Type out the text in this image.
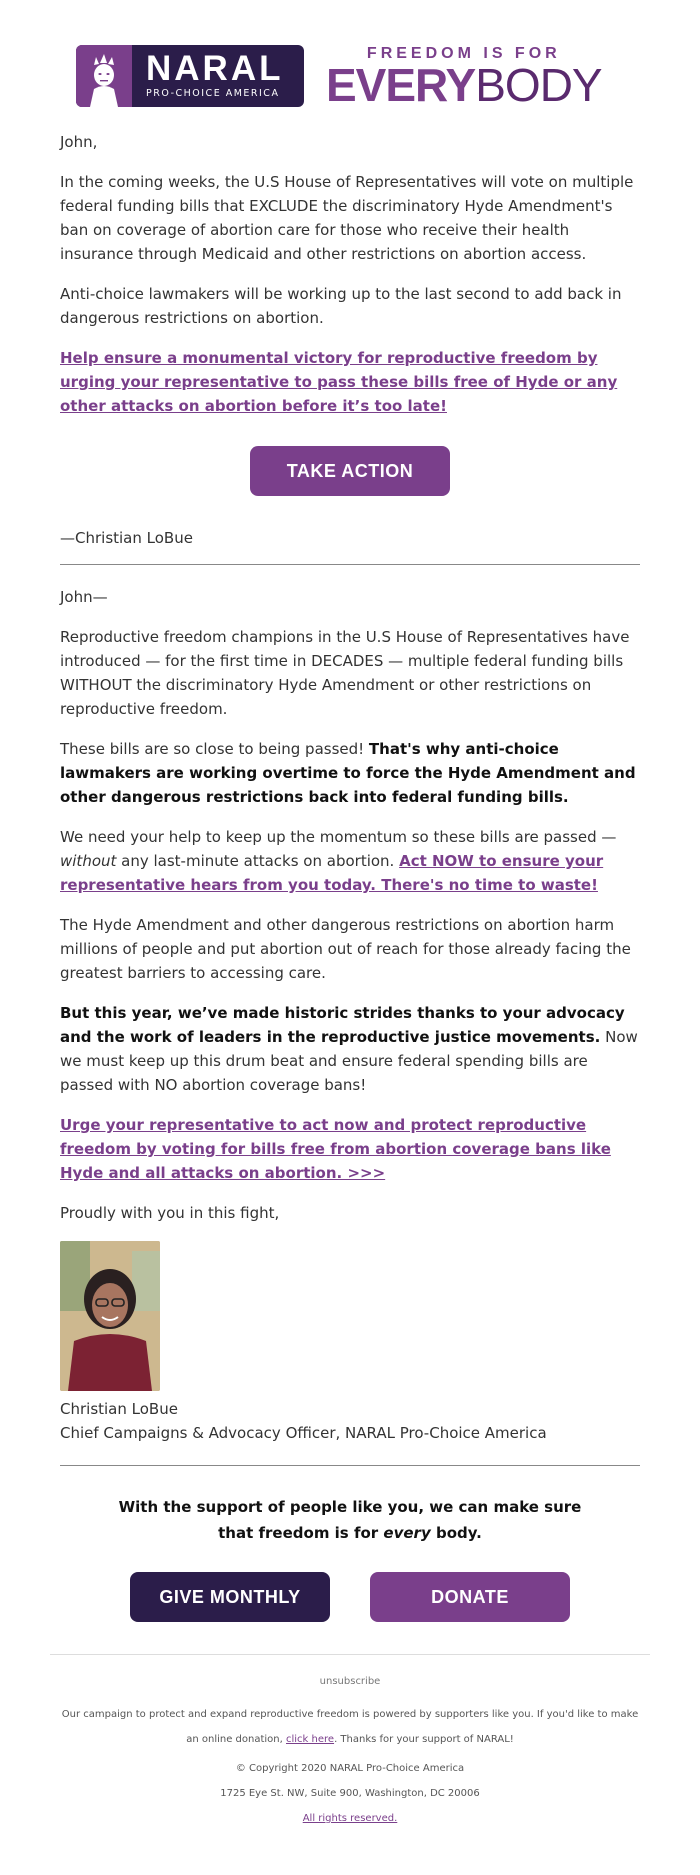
NARAL
PRO-CHOICE AMERICA
FREEDOM IS FOR
EVERYBODY

John,

In the coming weeks, the U.S House of Representatives will vote on multiple federal funding bills that EXCLUDE the discriminatory Hyde Amendment's ban on coverage of abortion care for those who receive their health insurance through Medicaid and other restrictions on abortion access.

Anti-choice lawmakers will be working up to the last second to add back in dangerous restrictions on abortion.

Help ensure a monumental victory for reproductive freedom by urging your representative to pass these bills free of Hyde or any other attacks on abortion before it’s too late!

TAKE ACTION

—Christian LoBue

John—

Reproductive freedom champions in the U.S House of Representatives have introduced — for the first time in DECADES — multiple federal funding bills WITHOUT the discriminatory Hyde Amendment or other restrictions on reproductive freedom.

These bills are so close to being passed! That's why anti-choice lawmakers are working overtime to force the Hyde Amendment and other dangerous restrictions back into federal funding bills.

We need your help to keep up the momentum so these bills are passed — without any last-minute attacks on abortion. Act NOW to ensure your representative hears from you today. There's no time to waste!

The Hyde Amendment and other dangerous restrictions on abortion harm millions of people and put abortion out of reach for those already facing the greatest barriers to accessing care.

But this year, we’ve made historic strides thanks to your advocacy and the work of leaders in the reproductive justice movements. Now we must keep up this drum beat and ensure federal spending bills are passed with NO abortion coverage bans!

Urge your representative to act now and protect reproductive freedom by voting for bills free from abortion coverage bans like Hyde and all attacks on abortion. >>>

Proudly with you in this fight,

Christian LoBue
Chief Campaigns & Advocacy Officer, NARAL Pro-Choice America
With the support of people like you, we can make sure that freedom is for every body.
GIVE MONTHLY	DONATE
unsubscribe
Our campaign to protect and expand reproductive freedom is powered by supporters like you. If you'd like to make an online donation, click here. Thanks for your support of NARAL!
© Copyright 2020 NARAL Pro-Choice America
1725 Eye St. NW, Suite 900, Washington, DC 20006
All rights reserved.
